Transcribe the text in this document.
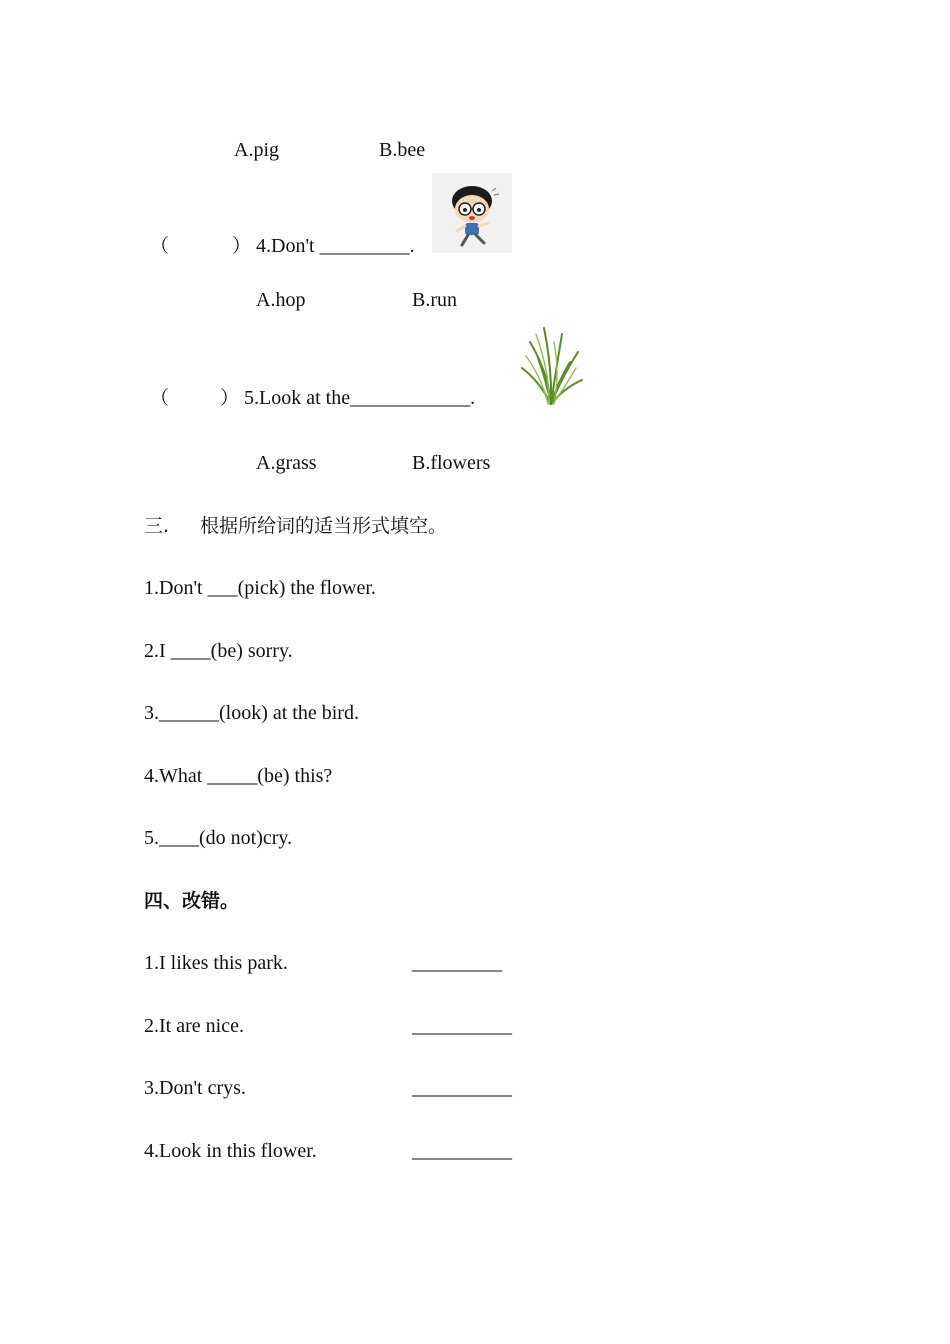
A.pig	B.bee
（	） 4.Don't _________.
A.hop	B.run
（	） 5.Look at the____________.
A.grass	B.flowers
三. 根据所给词的适当形式填空。
1.Don't ___(pick) the flower.
2.I ____(be) sorry.
3.______(look) at the bird.
4.What _____(be) this?
5.____(do not)cry.
四、改错。
1.I likes this park.	_________
2.It are nice.	__________
3.Don't crys.	__________
4.Look in this flower.	__________
